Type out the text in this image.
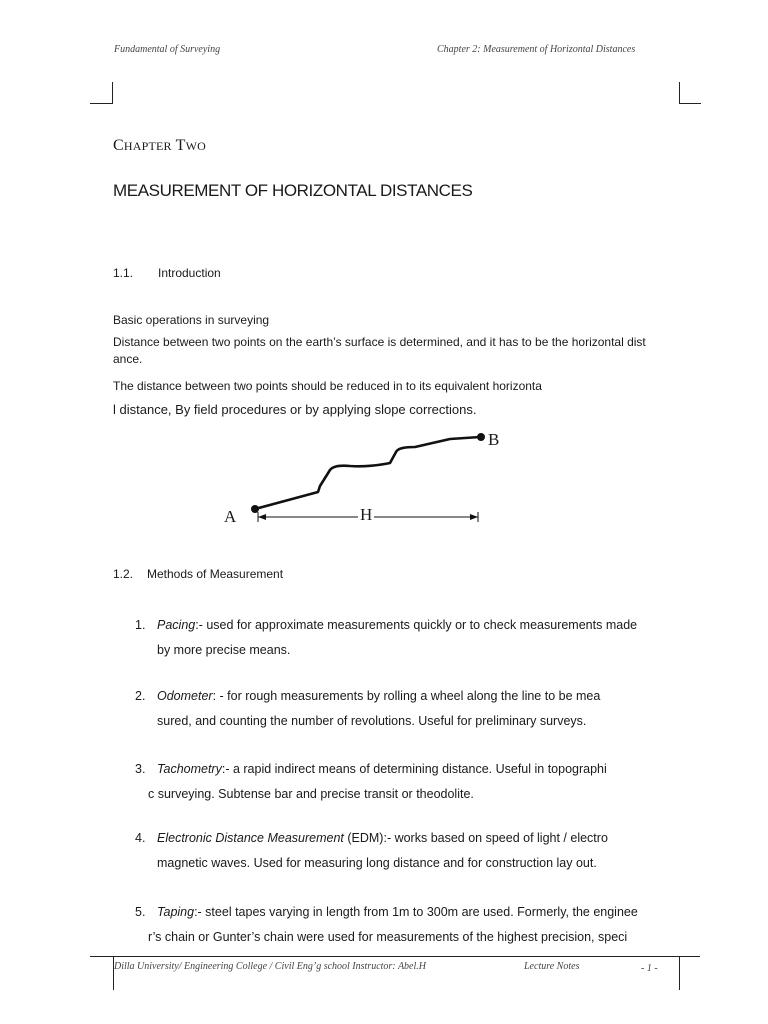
Fundamental of Surveying	Chapter 2: Measurement of Horizontal Distances
CHAPTER TWO
MEASUREMENT OF HORIZONTAL DISTANCES
1.1. Introduction
Basic operations in surveying
Distance between two points on the earth’s surface is determined, and it has to be the horizontal dist
ance.
The distance between two points should be reduced in to its equivalent horizonta
l distance, By field procedures or by applying slope corrections.
A
B
H
1.2. Methods of Measurement
1. Pacing:- used for approximate measurements quickly or to check measurements made
by more precise means.
2. Odometer: - for rough measurements by rolling a wheel along the line to be mea
sured, and counting the number of revolutions. Useful for preliminary surveys.
3. Tachometry:- a rapid indirect means of determining distance. Useful in topographi
c surveying. Subtense bar and precise transit or theodolite.
4. Electronic Distance Measurement (EDM):- works based on speed of light / electro
magnetic waves. Used for measuring long distance and for construction lay out.
5. Taping:- steel tapes varying in length from 1m to 300m are used. Formerly, the enginee
r’s chain or Gunter’s chain were used for measurements of the highest precision, speci
Dilla University/ Engineering College / Civil Eng’g school Instructor: Abel.H	Lecture Notes	- 1 -
